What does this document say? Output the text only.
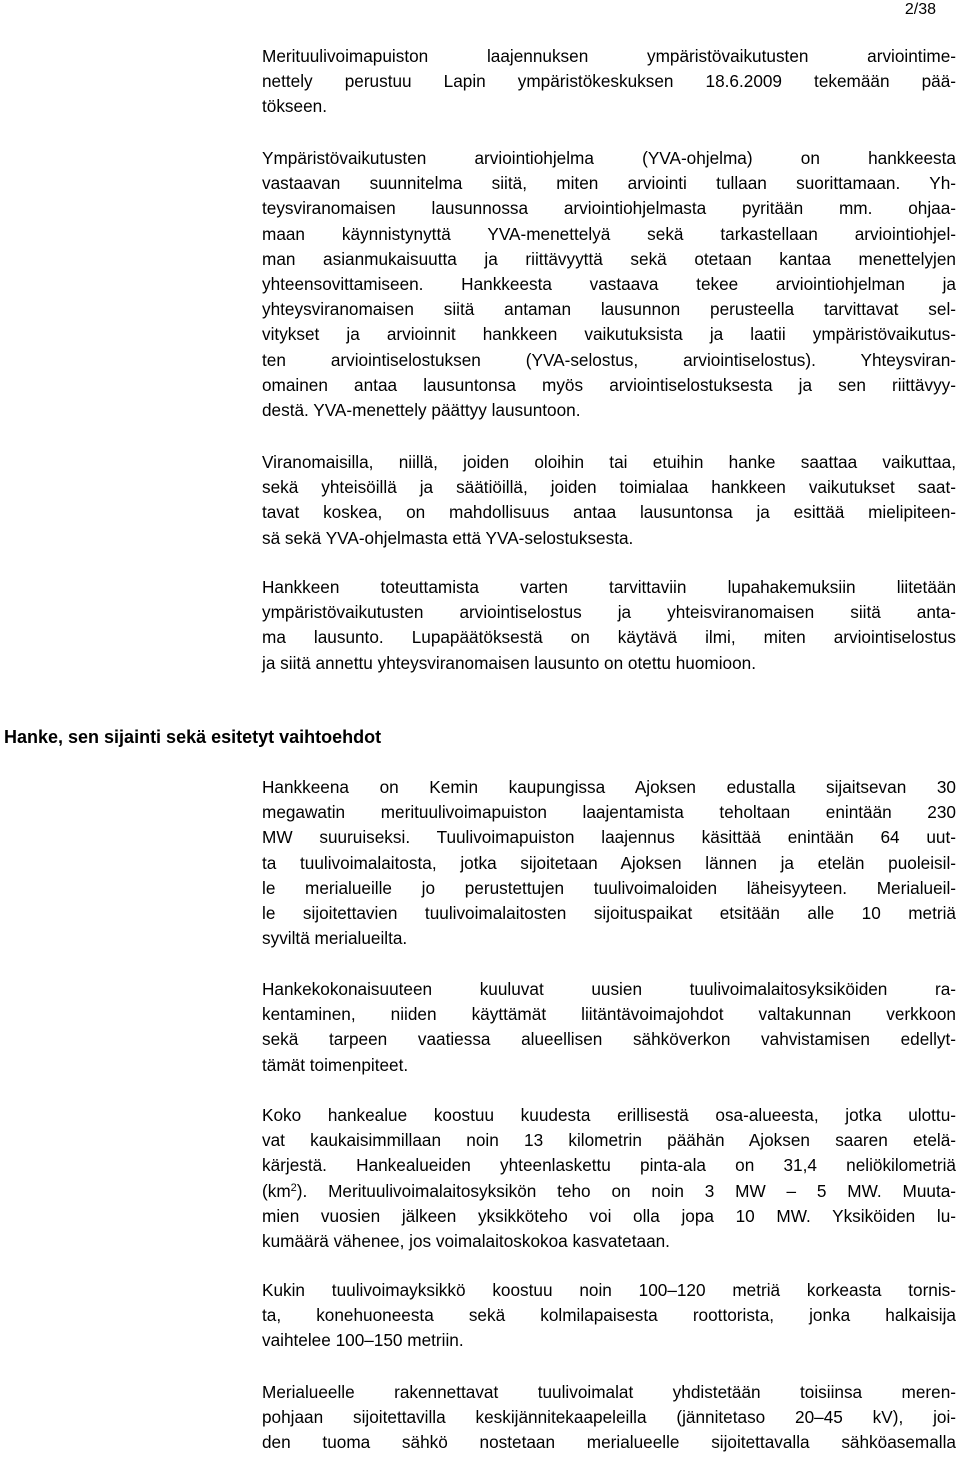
2/38
Merituulivoimapuiston laajennuksen ympäristövaikutusten arviointime-
nettely perustuu Lapin ympäristökeskuksen 18.6.2009 tekemään pää-
tökseen.
Ympäristövaikutusten arviointiohjelma (YVA-ohjelma) on hankkeesta
vastaavan suunnitelma siitä, miten arviointi tullaan suorittamaan. Yh-
teysviranomaisen lausunnossa arviointiohjelmasta pyritään mm. ohjaa-
maan käynnistynyttä YVA-menettelyä sekä tarkastellaan arviointiohjel-
man asianmukaisuutta ja riittävyyttä sekä otetaan kantaa menettelyjen
yhteensovittamiseen. Hankkeesta vastaava tekee arviointiohjelman ja
yhteysviranomaisen siitä antaman lausunnon perusteella tarvittavat sel-
vitykset ja arvioinnit hankkeen vaikutuksista ja laatii ympäristövaikutus-
ten arviointiselostuksen (YVA-selostus, arviointiselostus). Yhteysviran-
omainen antaa lausuntonsa myös arviointiselostuksesta ja sen riittävyy-
destä. YVA-menettely päättyy lausuntoon.
Viranomaisilla, niillä, joiden oloihin tai etuihin hanke saattaa vaikuttaa,
sekä yhteisöillä ja säätiöillä, joiden toimialaa hankkeen vaikutukset saat-
tavat koskea, on mahdollisuus antaa lausuntonsa ja esittää mielipiteen-
sä sekä YVA-ohjelmasta että YVA-selostuksesta.
Hankkeen toteuttamista varten tarvittaviin lupahakemuksiin liitetään
ympäristövaikutusten arviointiselostus ja yhteisviranomaisen siitä anta-
ma lausunto. Lupapäätöksestä on käytävä ilmi, miten arviointiselostus
ja siitä annettu yhteysviranomaisen lausunto on otettu huomioon.
Hankkeena on Kemin kaupungissa Ajoksen edustalla sijaitsevan 30
megawatin merituulivoimapuiston laajentamista teholtaan enintään 230
MW suuruiseksi. Tuulivoimapuiston laajennus käsittää enintään 64 uut-
ta tuulivoimalaitosta, jotka sijoitetaan Ajoksen lännen ja etelän puoleisil-
le merialueille jo perustettujen tuulivoimaloiden läheisyyteen. Merialueil-
le sijoitettavien tuulivoimalaitosten sijoituspaikat etsitään alle 10 metriä
syviltä merialueilta.
Hankekokonaisuuteen kuuluvat uusien tuulivoimalaitosyksiköiden ra-
kentaminen, niiden käyttämät liitäntävoimajohdot valtakunnan verkkoon
sekä tarpeen vaatiessa alueellisen sähköverkon vahvistamisen edellyt-
tämät toimenpiteet.
Koko hankealue koostuu kuudesta erillisestä osa-alueesta, jotka ulottu-
vat kaukaisimmillaan noin 13 kilometrin päähän Ajoksen saaren etelä-
kärjestä. Hankealueiden yhteenlaskettu pinta-ala on 31,4 neliökilometriä
$(km^2)$. Merituulivoimalaitosyksikön teho on noin 3 MW – 5 MW. Muuta-
mien vuosien jälkeen yksikköteho voi olla jopa 10 MW. Yksiköiden lu-
kumäärä vähenee, jos voimalaitoskokoa kasvatetaan.
Kukin tuulivoimayksikkö koostuu noin 100–120 metriä korkeasta tornis-
ta, konehuoneesta sekä kolmilapaisesta roottorista, jonka halkaisija
vaihtelee 100–150 metriin.
Merialueelle rakennettavat tuulivoimalat yhdistetään toisiinsa meren-
pohjaan sijoitettavilla keskijännitekaapeleilla (jännitetaso 20–45 kV), joi-
den tuoma sähkö nostetaan merialueelle sijoitettavalla sähköasemalla
Hanke, sen sijainti sekä esitetyt vaihtoehdot
